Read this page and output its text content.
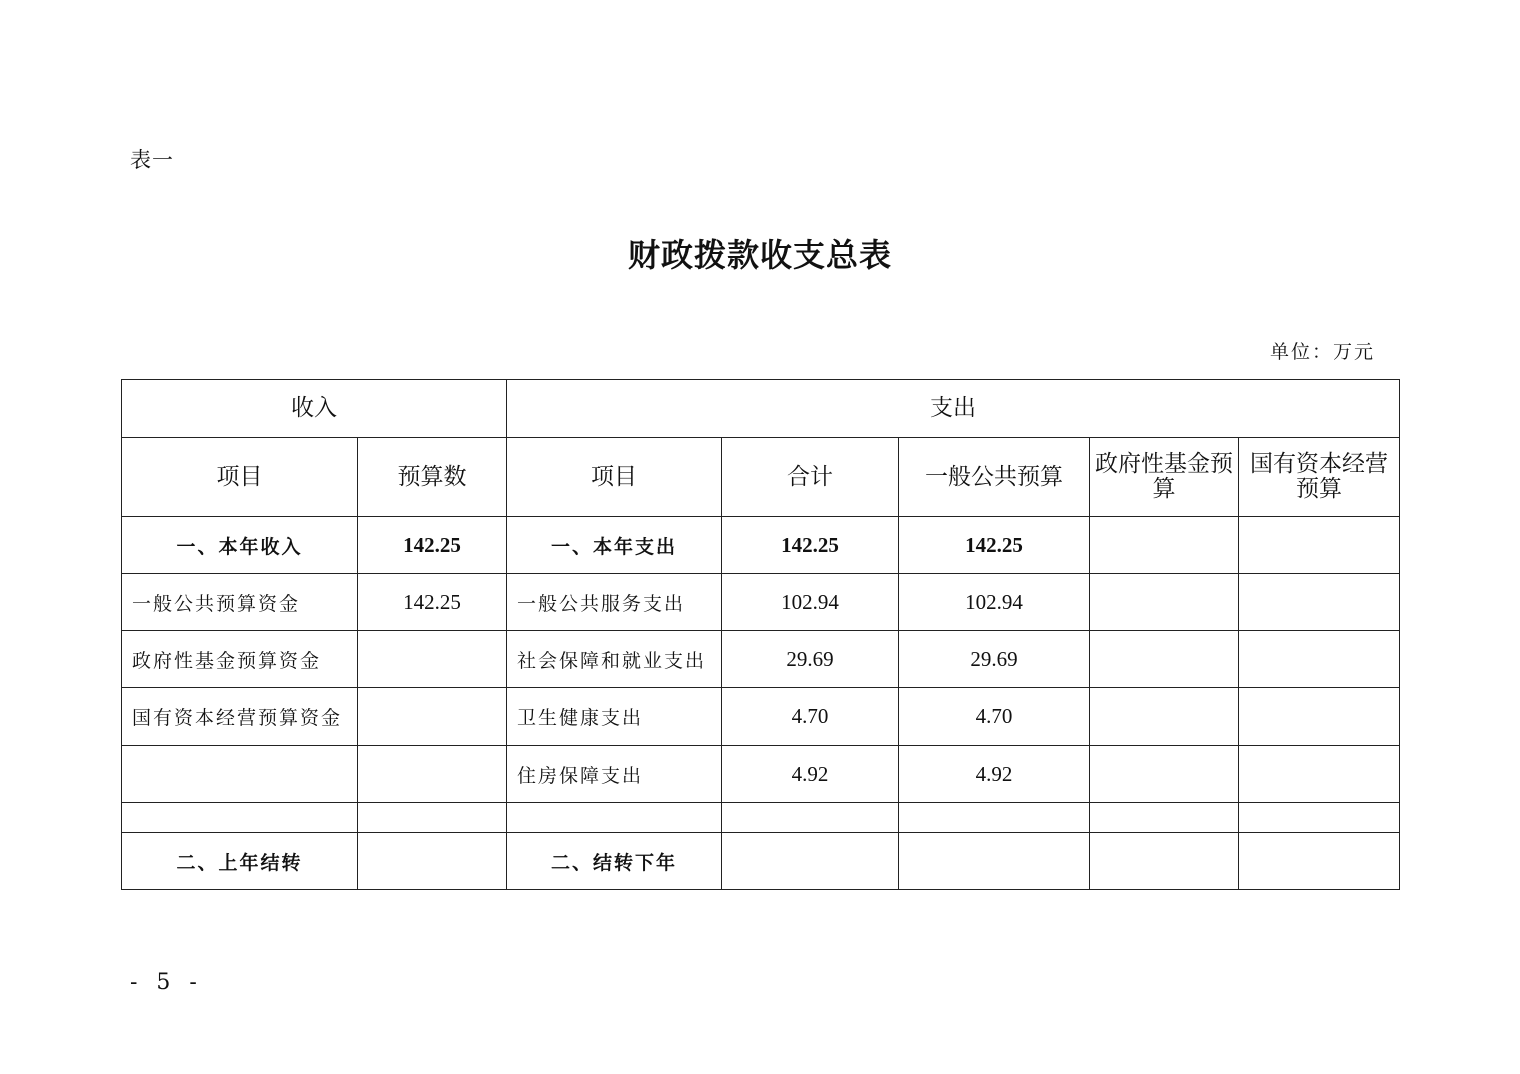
表一
财政拨款收支总表
单位：万元
收入		支出				
项目	预算数	项目	合计	一般公共预算	政府性基金预算	国有资本经营预算
一、本年收入	142.25	一、本年支出	142.25	142.25		
一般公共预算资金	142.25	一般公共服务支出	102.94	102.94		
政府性基金预算资金		社会保障和就业支出	29.69	29.69		
国有资本经营预算资金		卫生健康支出	4.70	4.70		
		住房保障支出	4.92	4.92		

二、上年结转		二、结转下年				
- 5 -
